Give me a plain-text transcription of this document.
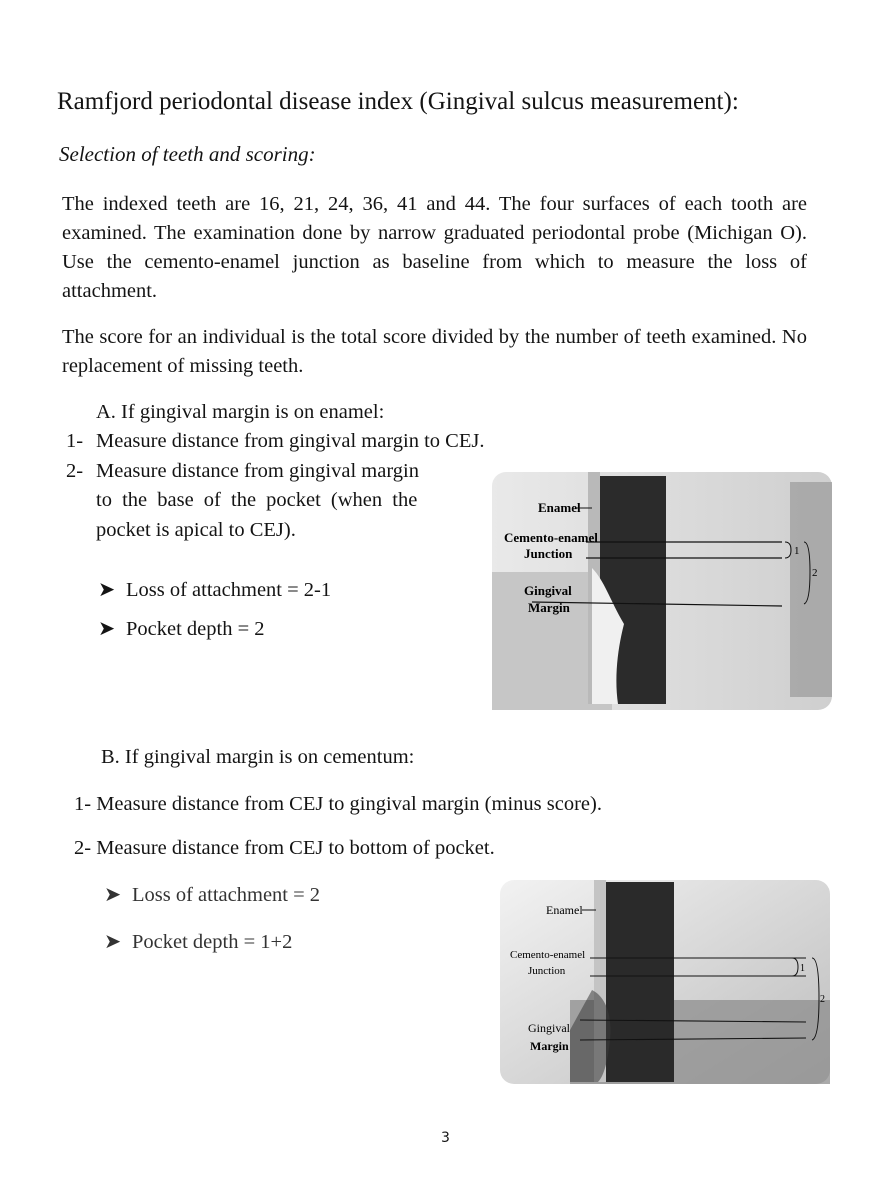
Ramfjord periodontal disease index (Gingival sulcus measurement):
Selection of teeth and scoring:
The indexed teeth are 16, 21, 24, 36, 41 and 44. The four surfaces of each tooth are examined. The examination done by narrow graduated periodontal probe (Michigan O). Use the cemento-enamel junction as baseline from which to measure the loss of attachment.
The score for an individual is the total score divided by the number of teeth examined. No replacement of missing teeth.
A. If gingival margin is on enamel:
1- Measure distance from gingival margin to CEJ.
2- Measure distance from gingival margin
to the base of the pocket (when the
pocket is apical to CEJ).
➤ Loss of attachment = 2-1
➤ Pocket depth = 2
1
2
Enamel
Cemento-enamel
Junction
Gingival
Margin
B. If gingival margin is on cementum:
1- Measure distance from CEJ to gingival margin (minus score).
2- Measure distance from CEJ to bottom of pocket.
➤ Loss of attachment = 2
➤ Pocket depth = 1+2
1
2
Enamel
Cemento-enamel
Junction
Gingival
Margin
3
